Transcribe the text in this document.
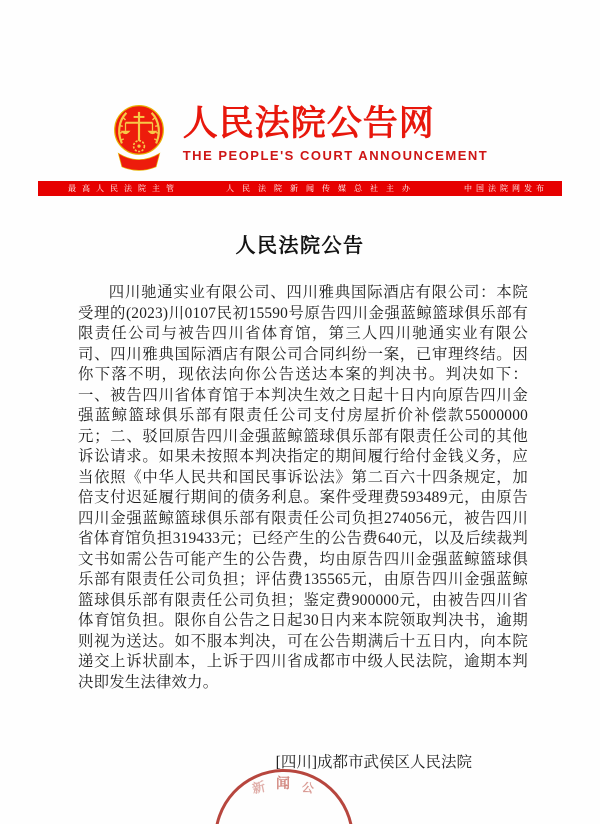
人民法院公告网
THE PEOPLE'S COURT ANNOUNCEMENT
最高人民法院主管	人民法院新闻传媒总社主办	中国法院网发布
人民法院公告

四川驰通实业有限公司、四川雅典国际酒店有限公司：本院受理的(2023)川0107民初15590号原告四川金强蓝鲸篮球俱乐部有限责任公司与被告四川省体育馆，第三人四川驰通实业有限公司、四川雅典国际酒店有限公司合同纠纷一案，已审理终结。因你下落不明，现依法向你公告送达本案的判决书。判决如下：一、被告四川省体育馆于本判决生效之日起十日内向原告四川金强蓝鲸篮球俱乐部有限责任公司支付房屋折价补偿款55000000元；二、驳回原告四川金强蓝鲸篮球俱乐部有限责任公司的其他诉讼请求。如果未按照本判决指定的期间履行给付金钱义务，应当依照《中华人民共和国民事诉讼法》第二百六十四条规定，加倍支付迟延履行期间的债务利息。案件受理费593489元，由原告四川金强蓝鲸篮球俱乐部有限责任公司负担274056元，被告四川省体育馆负担319433元；已经产生的公告费640元，以及后续裁判文书如需公告可能产生的公告费，均由原告四川金强蓝鲸篮球俱乐部有限责任公司负担；评估费135565元，由原告四川金强蓝鲸篮球俱乐部有限责任公司负担；鉴定费900000元，由被告四川省体育馆负担。限你自公告之日起30日内来本院领取判决书，逾期则视为送达。如不服本判决，可在公告期满后十五日内，向本院递交上诉状副本，上诉于四川省成都市中级人民法院，逾期本判决即发生法律效力。

[四川]成都市武侯区人民法院
新 闻 公
